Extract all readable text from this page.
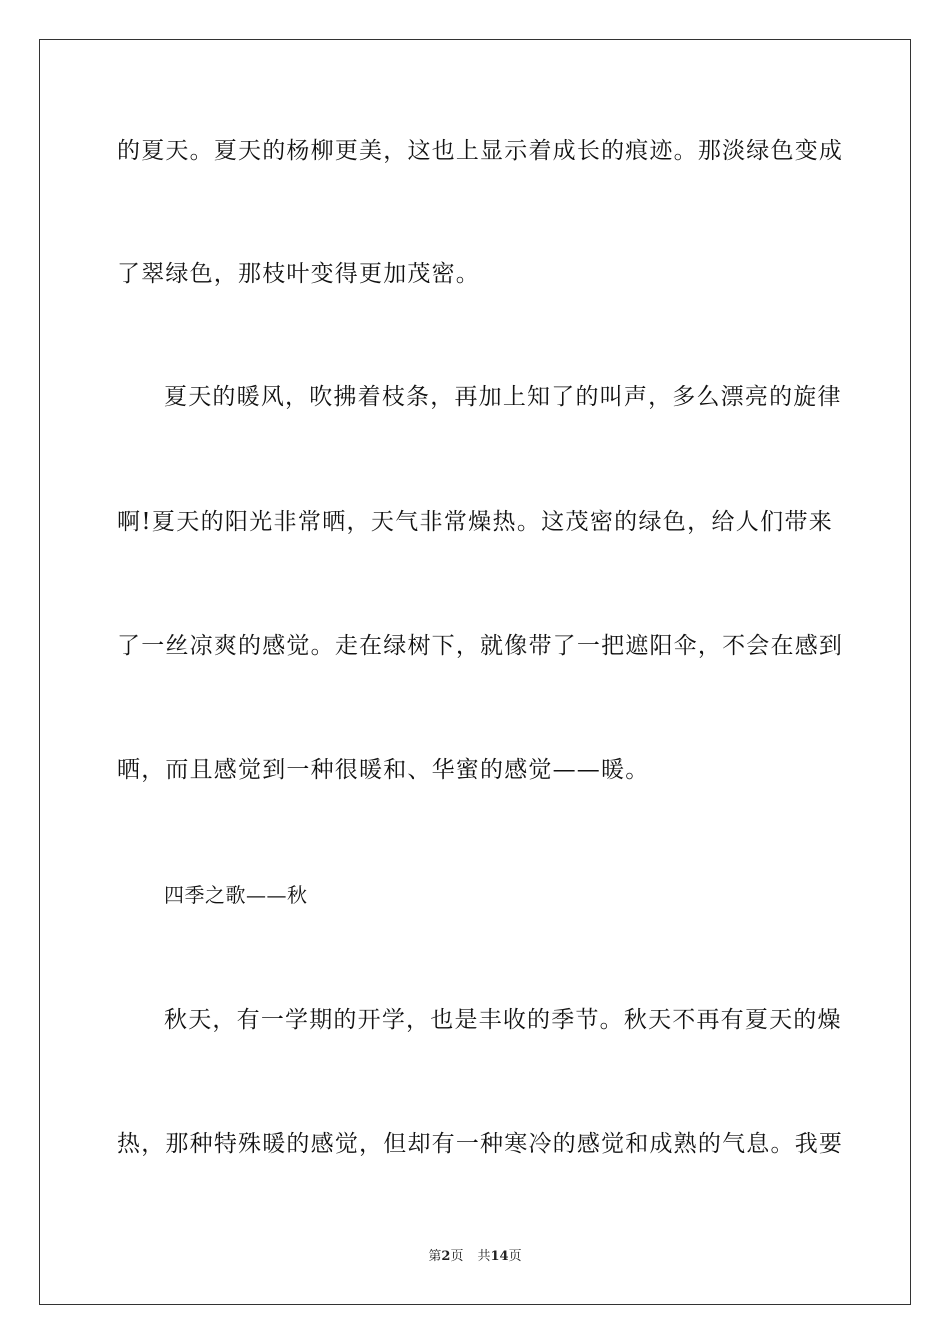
的 夏 天 。 夏 天 的 杨 柳 更 美 ， 这 也 上 显 示 着 成 长 的 痕 迹 。 那 淡 绿 色 变 成
了翠绿色，那枝叶变得更加茂密。
夏 天 的 暖 风 ， 吹 拂 着 枝 条 ， 再 加 上 知 了 的 叫 声 ， 多 么 漂 亮 的 旋 律
啊 ! 夏 天 的 阳 光 非 常 晒 ， 天 气 非 常 燥 热 。 这 茂 密 的 绿 色 ， 给 人 们 带 来
了 一 丝 凉 爽 的 感 觉 。 走 在 绿 树 下 ， 就 像 带 了 一 把 遮 阳 伞 ， 不 会 在 感 到
晒，而且感觉到一种很暖和、华蜜的感觉——暖。
四季之歌——秋
秋 天 ， 有 一 学 期 的 开 学 ， 也 是 丰 收 的 季 节 。 秋 天 不 再 有 夏 天 的 燥
热 ， 那 种 特 殊 暖 的 感 觉 ， 但 却 有 一 种 寒 冷 的 感 觉 和 成 熟 的 气 息 。 我 要
第2页 共14页
